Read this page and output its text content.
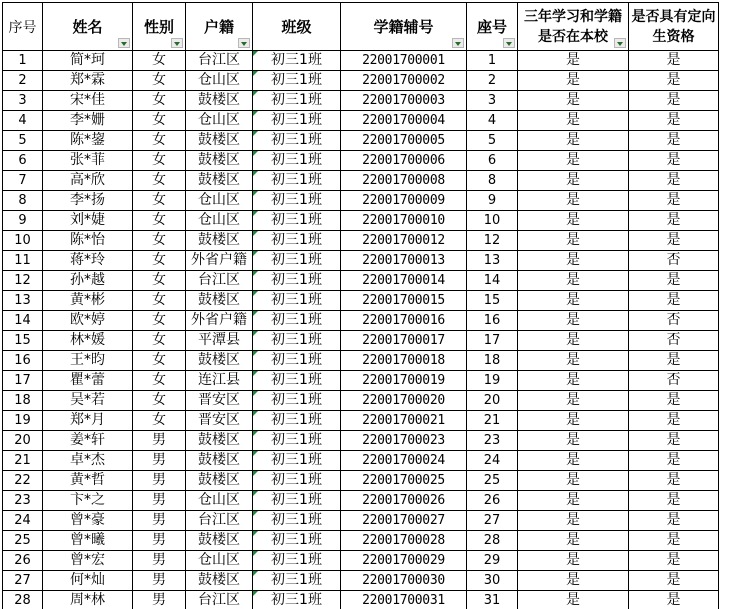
序号	姓名	性别	户籍	班级	学籍辅号	座号	三年学习和学籍是否在本校	是否具有定向生资格
1	简*珂	女	台江区	初三1班	22001700001	1	是	是
2	郑*霖	女	仓山区	初三1班	22001700002	2	是	是
3	宋*佳	女	鼓楼区	初三1班	22001700003	3	是	是
4	李*姗	女	仓山区	初三1班	22001700004	4	是	是
5	陈*鋆	女	鼓楼区	初三1班	22001700005	5	是	是
6	张*菲	女	鼓楼区	初三1班	22001700006	6	是	是
7	高*欣	女	鼓楼区	初三1班	22001700008	8	是	是
8	李*扬	女	仓山区	初三1班	22001700009	9	是	是
9	刘*婕	女	仓山区	初三1班	22001700010	10	是	是
10	陈*怡	女	鼓楼区	初三1班	22001700012	12	是	是
11	蒋*玲	女	外省户籍	初三1班	22001700013	13	是	否
12	孙*越	女	台江区	初三1班	22001700014	14	是	是
13	黄*彬	女	鼓楼区	初三1班	22001700015	15	是	是
14	欧*婷	女	外省户籍	初三1班	22001700016	16	是	否
15	林*媛	女	平潭县	初三1班	22001700017	17	是	否
16	王*昀	女	鼓楼区	初三1班	22001700018	18	是	是
17	瞿*蕾	女	连江县	初三1班	22001700019	19	是	否
18	吴*若	女	晋安区	初三1班	22001700020	20	是	是
19	郑*月	女	晋安区	初三1班	22001700021	21	是	是
20	姜*轩	男	鼓楼区	初三1班	22001700023	23	是	是
21	卓*杰	男	鼓楼区	初三1班	22001700024	24	是	是
22	黄*哲	男	鼓楼区	初三1班	22001700025	25	是	是
23	卞*之	男	仓山区	初三1班	22001700026	26	是	是
24	曾*豪	男	台江区	初三1班	22001700027	27	是	是
25	曾*曦	男	鼓楼区	初三1班	22001700028	28	是	是
26	曾*宏	男	仓山区	初三1班	22001700029	29	是	是
27	何*灿	男	鼓楼区	初三1班	22001700030	30	是	是
28	周*林	男	台江区	初三1班	22001700031	31	是	是
